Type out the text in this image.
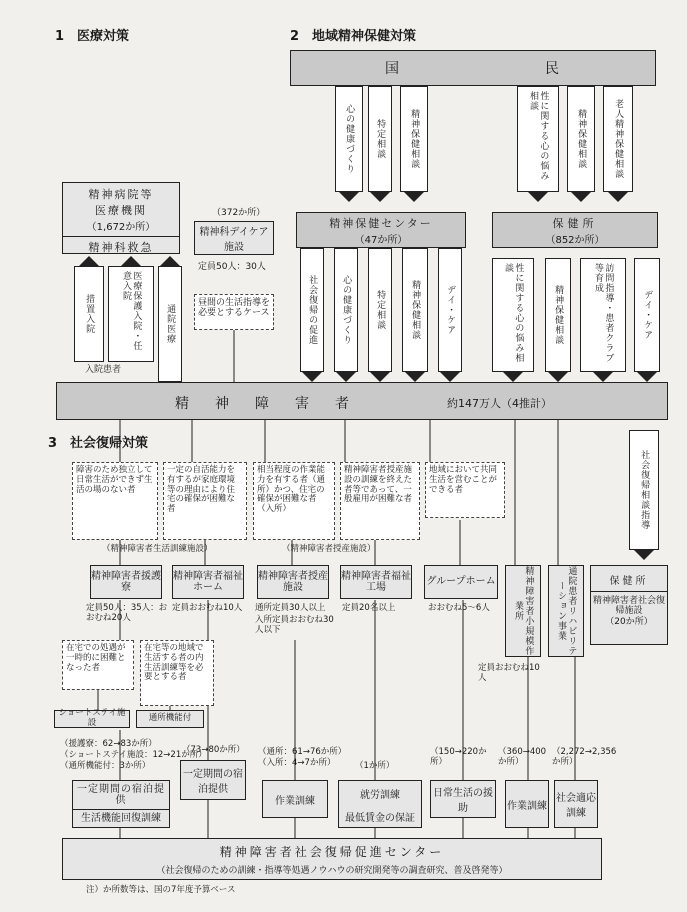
1　医療対策	2　地域精神保健対策
3　社会復帰対策
国　　　　　　　　　民
心の健康づくり	特定相談	精神保健相談	性に関する心の悩み相談
精神保健相談	老人精神保健相談
精神病院等
医療機関
（1,672か所）
精神科救急
措置入院	医療保護入院・任意入院
通院医療
入院患者
（372か所）
精神科デイケア施設
定員50人：30人
昼間の生活指導を必要とするケース
精神保健センター
（47か所）
社会復帰の促進	心の健康づくり	特定相談	精神保健相談	デイ・ケア
保健所
（852か所）
性に関する心の悩み相談
精神保健相談	訪問指導・患者クラブ等育成
デイ・ケア
精　神　障　害　者	約147万人（4推計）
社会復帰相談指導
障害のため独立して日常生活ができず生活の場のない者
一定の自活能力を有するが家庭環境等の理由により住宅の確保が困難な者
相当程度の作業能力を有する者（通所）かつ、住宅の確保が困難な者（入所）
精神障害者授産施設の訓練を終えた者等であって、一般雇用が困難な者
地域において共同生活を営むことができる者
（精神障害者生活訓練施設）	（精神障害者授産施設）
精神障害者援護寮
精神障害者福祉ホーム
精神障害者授産施設
精神障害者福祉工場
グループホーム	精神障害者小規模作業所	通院患者リハビリテーション事業	保健所
精神障害者社会復帰施設
（20か所）
定員50人：35人：おおむね20人
定員おおむね10人 通所定員30人以上
入所定員おおむね30人以下
定員20名以上	おおむね5〜6人
定員おおむね10人
在宅での処遇が一時的に困難となった者
在宅等の地域で生活する者の内生活訓練等を必要とする者
ショートステイ施設	通所機能付
（援護寮：62→83か所）
（ショートステイ施設：12→21か所）
（通所機能付：3か所）
（73→80か所） （通所：61→76か所）
（入所：4→7か所） （1か所）
（150→220か所）
（360→400か所）
（2,272→2,356か所）
一定期間の宿泊提供
生活機能回復訓練
一定期間の宿泊提供
作業訓練
就労訓練
最低賃金の保証
日常生活の援助	作業訓練
社会適応訓練
精神障害者社会復帰促進センター
（社会復帰のための訓練・指導等処遇ノウハウの研究開発等の調査研究、普及啓発等）
注）か所数等は、国の7年度予算ベース
